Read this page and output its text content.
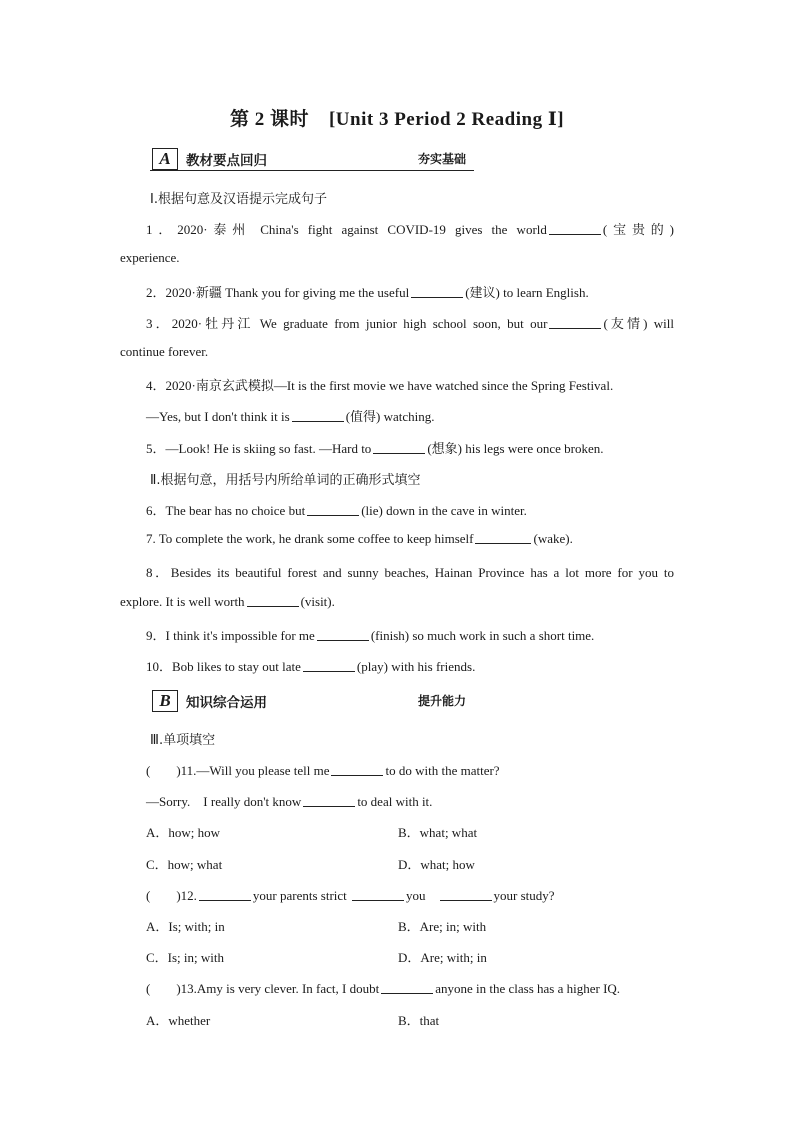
第 2 课时 [Unit 3 Period 2 Reading Ⅰ]
A	教材要点回归	夯实基础
Ⅰ.根据句意及汉语提示完成句子
1．2020·泰州 China's fight against COVID-19 gives the world	(宝贵的)
experience.
2．2020·新疆 Thank you for giving me the useful	(建议) to learn English.
3．2020·牡丹江 We graduate from junior high school soon, but our	(友情) will
continue forever.
4．2020·南京玄武模拟—It is the first movie we have watched since the Spring Festival.
—Yes, but I don't think it is	(值得) watching.
5．—Look! He is skiing so fast. —Hard to	(想象) his legs were once broken.
Ⅱ.根据句意，用括号内所给单词的正确形式填空
6．The bear has no choice but	(lie) down in the cave in winter.
7. To complete the work, he drank some coffee to keep himself	(wake).
8．Besides its beautiful forest and sunny beaches, Hainan Province has a lot more for you to
explore. It is well worth	(visit).
9．I think it's impossible for me	(finish) so much work in such a short time.
10．Bob likes to stay out late	(play) with his friends.
B	知识综合运用	提升能力
Ⅲ.单项填空
(　　)11.—Will you please tell me	to do with the matter?
—Sorry.　I really don't know	to deal with it.
A．how; how	B．what; what
C．how; what	D．what; how
(　　)12.	your parents strict	you	your study?
A．Is; with; in	B．Are; in; with
C．Is; in; with	D．Are; with; in
(　　)13.Amy is very clever. In fact, I doubt	anyone in the class has a higher IQ.
A．whether	B．that
